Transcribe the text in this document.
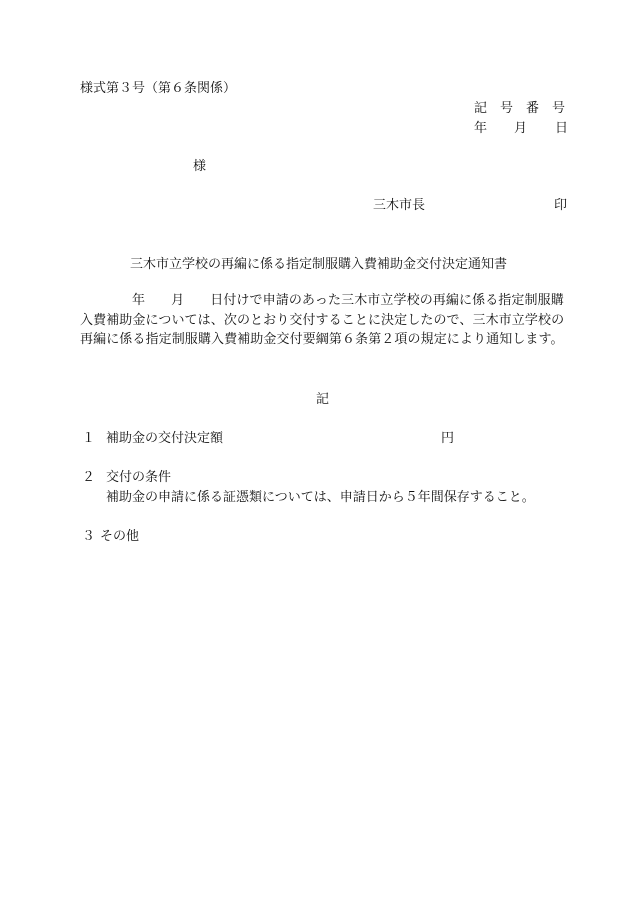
様式第３号（第６条関係）
記 号 番 号
年 月 日
様
三木市長	印
三木市立学校の再編に係る指定制服購入費補助金交付決定通知書
年 月 日付けで申請のあった三木市立学校の再編に係る指定制服購入費補助金については、次のとおり交付することに決定したので、三木市立学校の再編に係る指定制服購入費補助金交付要綱第６条第２項の規定により通知します。
記
１ 補助金の交付決定額	円
２ 交付の条件
補助金の申請に係る証憑類については、申請日から５年間保存すること。
３ その他
